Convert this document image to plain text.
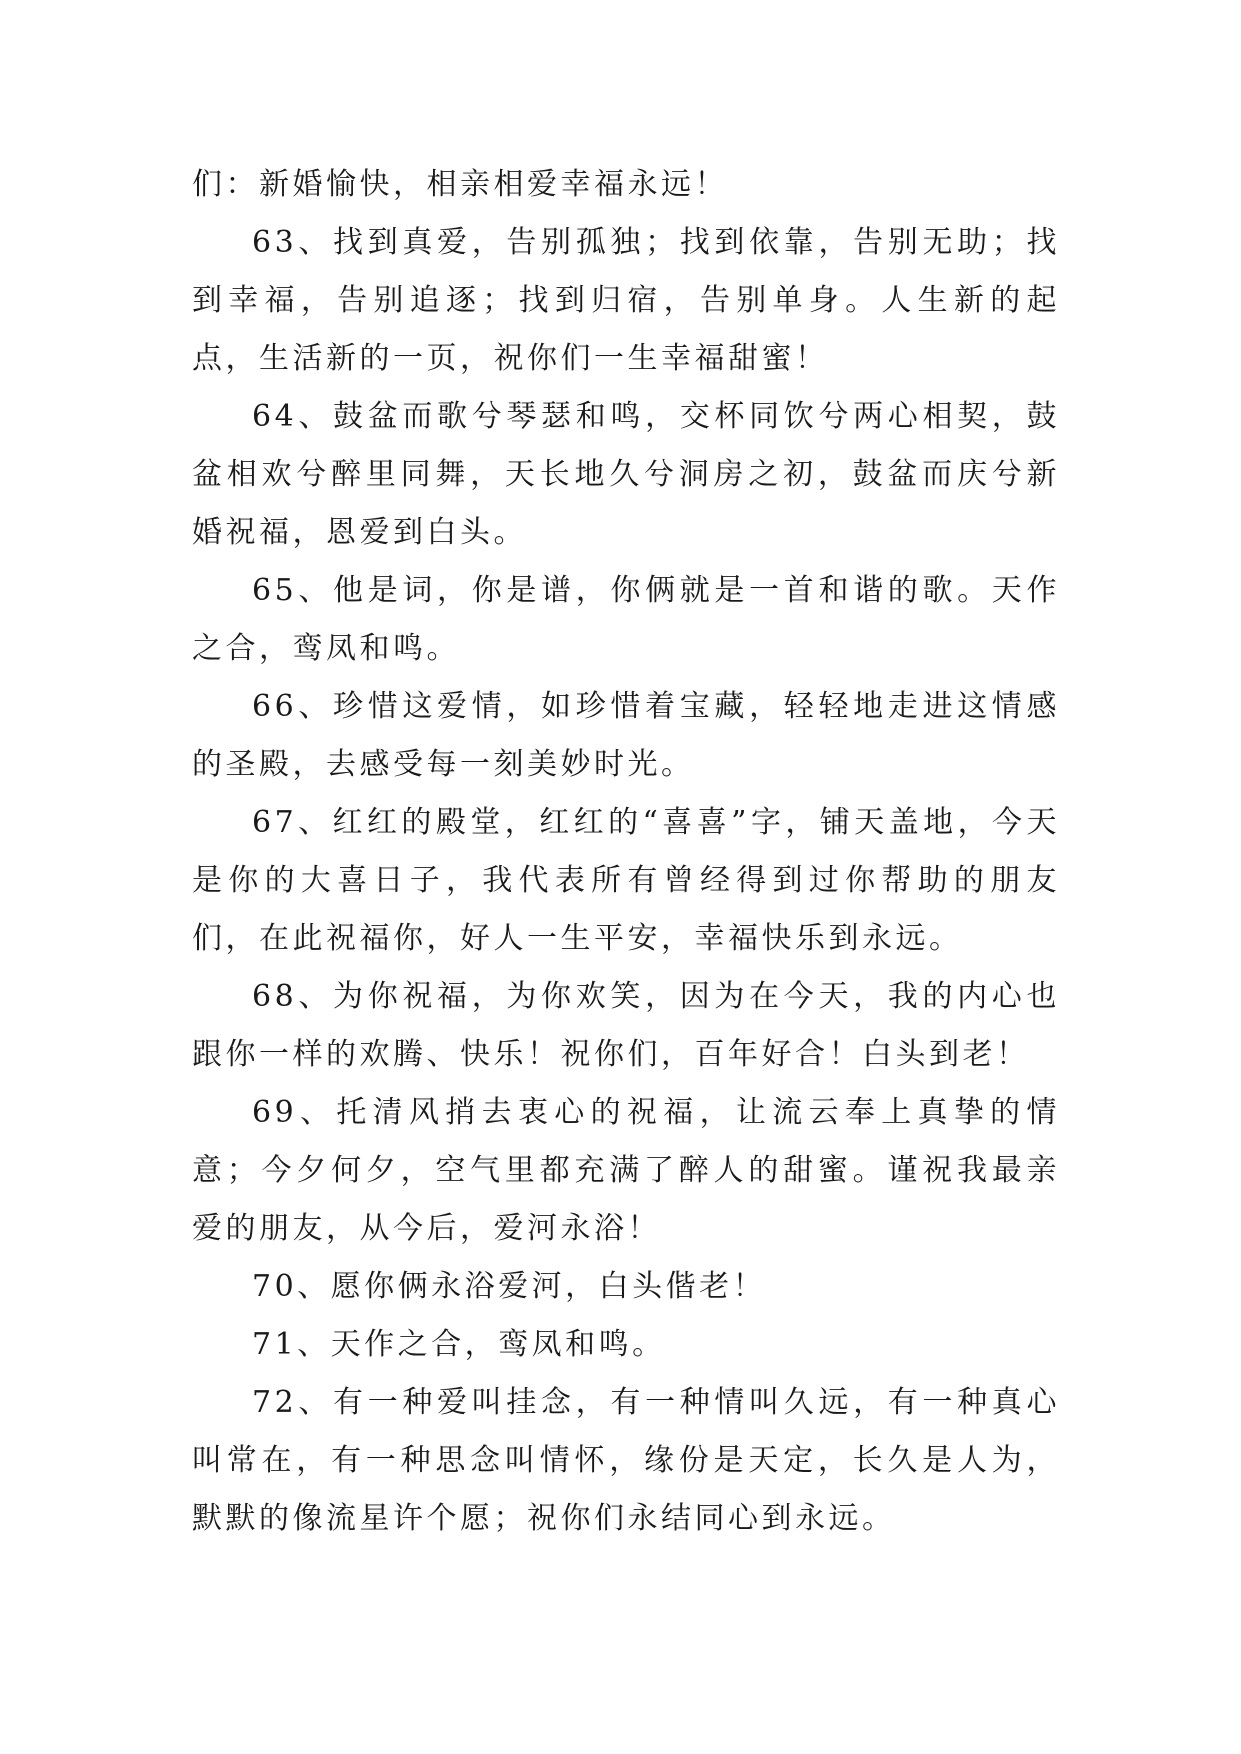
们：新婚愉快，相亲相爱幸福永远！

63、找到真爱，告别孤独；找到依靠，告别无助；找到幸福，告别追逐；找到归宿，告别单身。人生新的起点，生活新的一页，祝你们一生幸福甜蜜！

64、鼓盆而歌兮琴瑟和鸣，交杯同饮兮两心相契，鼓盆相欢兮醉里同舞，天长地久兮洞房之初，鼓盆而庆兮新婚祝福，恩爱到白头。

65、他是词，你是谱，你俩就是一首和谐的歌。天作之合，鸾凤和鸣。

66、珍惜这爱情，如珍惜着宝藏，轻轻地走进这情感的圣殿，去感受每一刻美妙时光。

67、红红的殿堂，红红的“喜喜”字，铺天盖地，今天是你的大喜日子，我代表所有曾经得到过你帮助的朋友们，在此祝福你，好人一生平安，幸福快乐到永远。

68、为你祝福，为你欢笑，因为在今天，我的内心也跟你一样的欢腾、快乐！祝你们，百年好合！白头到老！

69、托清风捎去衷心的祝福，让流云奉上真挚的情意；今夕何夕，空气里都充满了醉人的甜蜜。谨祝我最亲爱的朋友，从今后，爱河永浴！

70、愿你俩永浴爱河，白头偕老！

71、天作之合，鸾凤和鸣。

72、有一种爱叫挂念，有一种情叫久远，有一种真心叫常在，有一种思念叫情怀，缘份是天定，长久是人为，默默的像流星许个愿；祝你们永结同心到永远。
